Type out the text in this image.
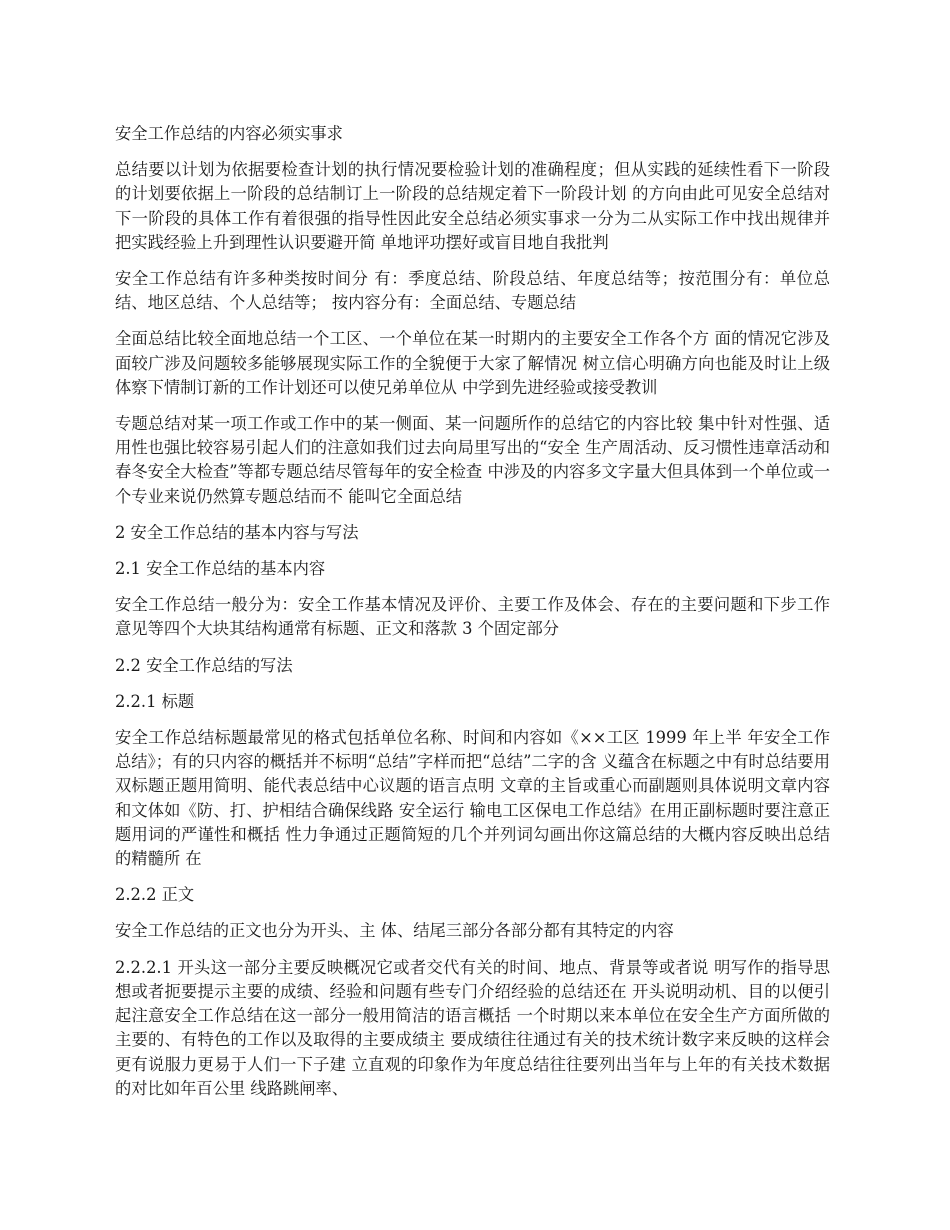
安全工作总结的内容必须实事求

总结要以计划为依据要检查计划的执行情况要检验计划的准确程度；但从实践的延续性看下一阶段的计划要依据上一阶段的总结制订上一阶段的总结规定着下一阶段计划 的方向由此可见安全总结对下一阶段的具体工作有着很强的指导性因此安全总结必须实事求一分为二从实际工作中找出规律并把实践经验上升到理性认识要避开简 单地评功摆好或盲目地自我批判

安全工作总结有许多种类按时间分 有：季度总结、阶段总结、年度总结等；按范围分有：单位总结、地区总结、个人总结等； 按内容分有：全面总结、专题总结

全面总结比较全面地总结一个工区、一个单位在某一时期内的主要安全工作各个方 面的情况它涉及面较广涉及问题较多能够展现实际工作的全貌便于大家了解情况 树立信心明确方向也能及时让上级体察下情制订新的工作计划还可以使兄弟单位从 中学到先进经验或接受教训

专题总结对某一项工作或工作中的某一侧面、某一问题所作的总结它的内容比较 集中针对性强、适用性也强比较容易引起人们的注意如我们过去向局里写出的“安全 生产周活动、反习惯性违章活动和春冬安全大检查”等都专题总结尽管每年的安全检查 中涉及的内容多文字量大但具体到一个单位或一个专业来说仍然算专题总结而不 能叫它全面总结

2 安全工作总结的基本内容与写法

2.1 安全工作总结的基本内容

安全工作总结一般分为：安全工作基本情况及评价、主要工作及体会、存在的主要问题和下步工作意见等四个大块其结构通常有标题、正文和落款 3 个固定部分

2.2 安全工作总结的写法

2.2.1 标题

安全工作总结标题最常见的格式包括单位名称、时间和内容如《××工区 1999 年上半 年安全工作总结》；有的只内容的概括并不标明“总结”字样而把“总结”二字的含 义蕴含在标题之中有时总结要用双标题正题用简明、能代表总结中心议题的语言点明 文章的主旨或重心而副题则具体说明文章内容和文体如《防、打、护相结合确保线路 安全运行 输电工区保电工作总结》在用正副标题时要注意正题用词的严谨性和概括 性力争通过正题简短的几个并列词勾画出你这篇总结的大概内容反映出总结的精髓所 在

2.2.2 正文

安全工作总结的正文也分为开头、主 体、结尾三部分各部分都有其特定的内容

2.2.2.1 开头这一部分主要反映概况它或者交代有关的时间、地点、背景等或者说 明写作的指导思想或者扼要提示主要的成绩、经验和问题有些专门介绍经验的总结还在 开头说明动机、目的以便引起注意安全工作总结在这一部分一般用简洁的语言概括 一个时期以来本单位在安全生产方面所做的主要的、有特色的工作以及取得的主要成绩主 要成绩往往通过有关的技术统计数字来反映的这样会更有说服力更易于人们一下子建 立直观的印象作为年度总结往往要列出当年与上年的有关技术数据的对比如年百公里 线路跳闸率、
